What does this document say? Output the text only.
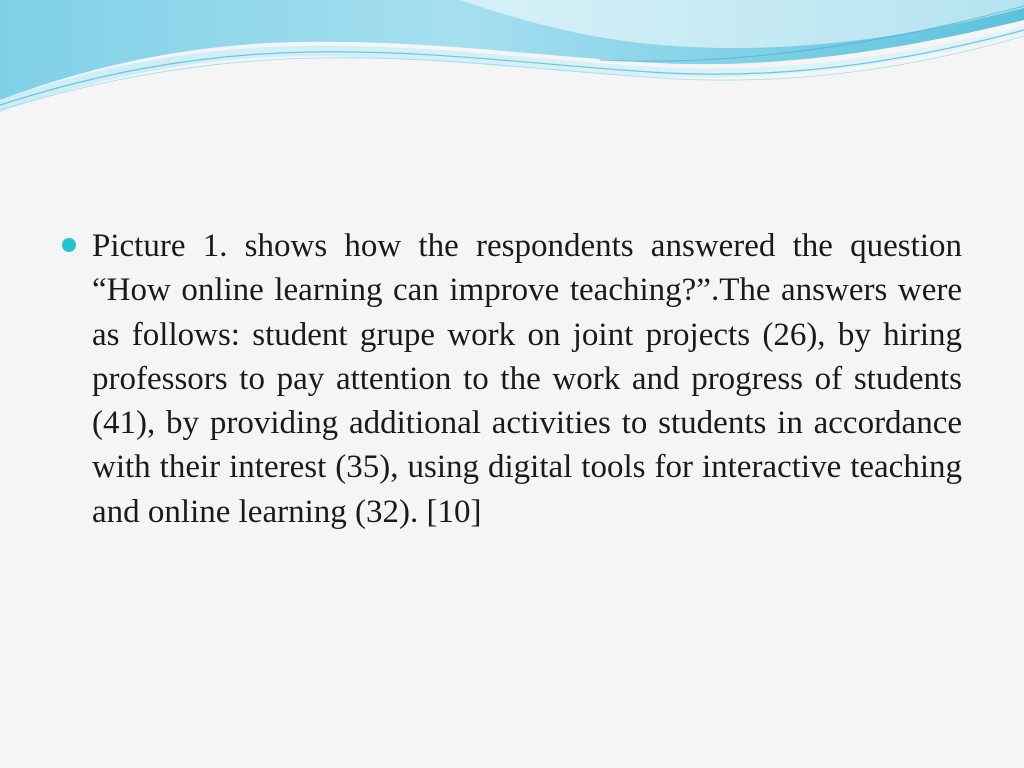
Picture 1. shows how the respondents answered the question “How online learning can improve teaching?”.The answers were as follows: student grupe work on joint projects (26), by hiring professors to pay attention to the work and progress of students (41), by providing additional activities to students in accordance with their interest (35), using digital tools for interactive teaching and online learning (32). [10]
